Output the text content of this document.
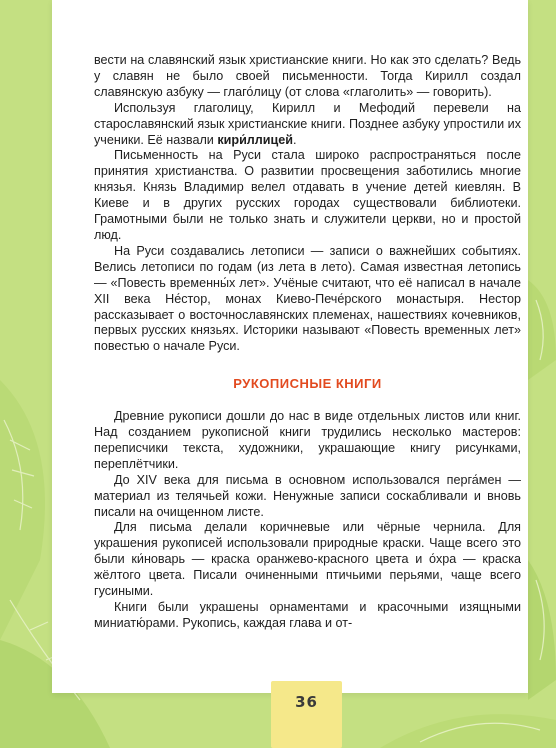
вести на славянский язык христианские книги. Но как это сделать? Ведь у славян не было своей письменности. Тогда Кирилл создал славянскую азбуку — глаго́лицу (от слова «глаголить» — говорить).

Используя глаголицу, Кирилл и Мефодий перевели на старославянский язык христианские книги. Позднее азбуку упростили их ученики. Её назвали кири́ллицей.

Письменность на Руси стала широко распространяться после принятия христианства. О развитии просвещения заботились многие князья. Князь Владимир велел отдавать в учение детей киевлян. В Киеве и в других русских городах существовали библиотеки. Грамотными были не только знать и служители церкви, но и простой люд.

На Руси создавались летописи — записи о важнейших событиях. Велись летописи по годам (из лета в лето). Самая известная летопись — «Повесть временны́х лет». Учёные считают, что её написал в начале XII века Не́стор, монах Киево-Пече́рского монастыря. Нестор рассказывает о восточнославянских племенах, нашествиях кочевников, первых русских князьях. Историки называют «Повесть временных лет» повестью о начале Руси.

РУКОПИСНЫЕ КНИГИ

Древние рукописи дошли до нас в виде отдельных листов или книг. Над созданием рукописной книги трудились несколько мастеров: переписчики текста, художники, украшающие книгу рисунками, переплётчики.

До XIV века для письма в основном использовался перга́мен — материал из телячьей кожи. Ненужные записи соскабливали и вновь писали на очищенном листе.

Для письма делали коричневые или чёрные чернила. Для украшения рукописей использовали природные краски. Чаще всего это были ки́новарь — краска оранжево-красного цвета и о́хра — краска жёлтого цвета. Писали очиненными птичьими перьями, чаще всего гусиными.

Книги были украшены орнаментами и красочными изящными миниатю́рами. Рукопись, каждая глава и от-

36
